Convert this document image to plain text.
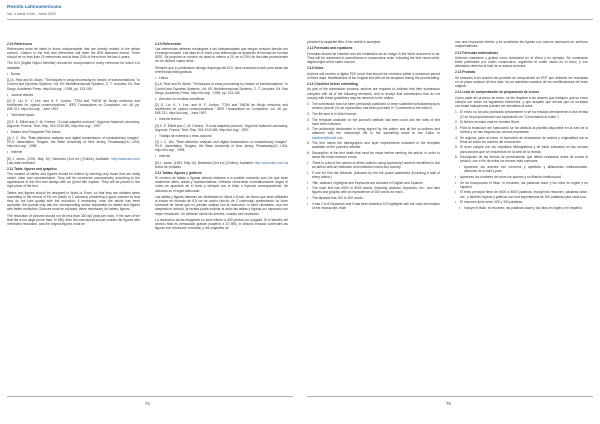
Revista Latinoamericana
Vol. 4 Issue 4 Abr - Junio 2019
2.10 References
References must be listed in those indispensable that are directly related to the article content. Citation in the text and references will meet the APA standard format. There should be no less than 20 references and at least 20% of them from the last 4 years.
The DOI (Digital Object Identifier) should be incorporated in every reference for which it is available.
• Books
[1] A. Rezi and M. Allam, "Techniques in array processing by means of transformations," in Control and Dynamic Systems, Vol. 69, Multidimensional Systems, C. T. Leondes, Ed. San Diego: Academic Press, http://doi.org/ , 1995, pp. 133-180.
• Journal articles
[2] G. Liu, K. Y. Lee, and H. F. Jordan, "TDM and TWDM de Bruijn networks and shufflenets for optical communications," IEEE Transactions on Computers, vol. 46, pp. 695-701, http://doi.org/ , June 1997.
• Technical report
[3] K. E. Elliott and C. M. Greene, "A local adaptive protocol," Argonne National Laboratory, Argonne, France, Tech. Rep. 916-1010-BB, http://doi.org/ , 1997.
• Master And Postgrade PhD thesis
[4] J. C. Wu. "Rate-distortion analysis and digital transmission of nonstationary images". Ph.D. dissertation, Rutgers, the State University of New Jersey, Piscataway,NJ, USA, http://doi.org/ , 1998.
• Internet
[5] J. Jones. (1991, May 10). Networks (2nd ed.) [Online]. Available: http://www.atm.com Last date reviewed.
2.11 Table, figures and graphics
The number of tables and figures should be limited by sending only those that are really useful, clear and representative. They will be numbered consecutively according to the appearance in the text and always with an (i)ned title caption. They will be placed in the right place of the text.
Tables and figures should be designed in Word or Excel, so that they are editable when submitting in the format of 8.5 cm (width of 2 columns) presenting a good contrast so that they do not lose quality with the reduction; if necessary, once the article has been accepted, the journal may ask the corresponding author separately for tables and figures with better resolution. Sources must be included, when necessary, for tables, figures.
The resolution of pictures should not be less than 300 dpi (dots per inch). If the size of the final file is too large (more than 10 MB), then the manuscript should contain the figures with minimized resolution, and the original figures must be
2.10 Referencias
Las referencias deberán restringirse a las indispensables que tengan relación directa con el trabajo enviado. Las citas en el texto y las referencias se ajustarán al formato de normas IEEE. Se propone un mínimo de citas no inferior a 20, en el 20% de las citas provenientes de los últimos cuatro años.
Siempre que lo publicación divulgo disponga del DOI, será necesario incluir para todas las referencias bibliográficas.
• Libros
[1] A. Rezi and M. Allam, "Techniques in array processing by means of transformations," in Control and Dynamic Systems, Vol. 69, Multidimensional Systems, C. T. Leondes, Ed. San Diego: Academic Press, http://doi.org/ , 1995, pp. 133-180.
• Artículos en revistas científicas
[2] G. Liu, K. Y. Lee, and H. F. Jordan, "TDM and TWDM de Bruijn networks and shufflenets for optical communications," IEEE Transactions on Computers, vol. 46, pp. 695-701, http://doi.org/ , June 1997.
• Informe técnico
[3] K. E. Elliott and C. M. Greene, "A local adaptive protocol," Argonne National Laboratory, Argonne, France, Tech. Rep. 916-1010-BB, http://doi.org/ , 1997.
• Trabajo de maestría o tesis doctoral
[4] J. C. Wu. "Rate-distortion analysis and digital transmission of nonstationary images". Ph.D. dissertation, Rutgers, the State University of New Jersey, Piscataway,NJ, USA, http://doi.org/ , 1998.
• Internet
[5] J. Jones. (1991, May 10). Networks (2nd ed.) [Online]. Available: http://www.atm.com La fecha de revisado.
2.11 Tablas, figuras y gráficos
El número de tablas y figuras deberá limitarse a lo posible enviando solo los que sean realmente útiles, claras y representativas. Deberán numerarse correlativamente según el orden de aparición en el texto y siempre con el título o leyenda correspondiente. Se ubicarán en el lugar adecuado.
Las tablas y figuras deberán ser diseñadas en Word o Excel, de forma que sean editables al enviar en formato de 8,5 cm de ancho (ancho de 2 columnas) presentando un buen contraste de forma que no pierdan calidad con la reducción; si fuera necesario, una vez aceptado el artículo, la revista podrá solicitar al autor las tablas y figuras por separado con mejor resolución. Se deberán incluir las fuentes, cuando sea necesario.
La resolución de las imágenes no será inferior a 300 puntos por pulgada. Si el tamaño del archivo final es demasiado grande (superior a 10 MB), el artículo enviado contendrá las figuras con resolución reducida, y los originales se
provided to separate files, if the article is accepted.
2.12 Formulas and equations
Formulas should be inserted and set embedded as an image in the Word document or all. They will be numbered in parentheses in consecutive order, following the text visual order, aligned right at the same column.
2.13 Notes
Authors will receive a digital PDF proof that should be reviewed within a maximum period of three days. Modifications of the original text will not be accepted during the proofreading.
2.14 Checklist before submitting
As part of the submission process, authors are required to indicate that their submission complies with all of the following elements, and to accept that submissions that do not comply with these guidelines may be returned to the author.
1. The submission has not been previously published or been submitted simultaneously to another journal (Or an explanation has been provided in "Comments to the editor").
2. The file sent is in Word format.
3. The template available on the journal's website has been used and the rules of text have been followed.
4. The authorship declaration is being signed by the author and all the co-authors and attached with the manuscript file in the submitting email to the Editor to bambam@email.com
5. The text meets the bibliographic and style requirements indicated in the template available on the journal's website.
6. Description of the text deals that must be made before sending the article, in order to avoid the most common errors.
• There is a list of the names of all the authors using superscript numeric identifiers to link an author with an institution and institution name and country.
• If one for find the behavior (followed by the full postal addresses (including e-mail of every author).
• Title, abstract, highlights and Keywords are included in English and Spanish.
• The main text has 6000 to 8000 words, including abstract, keywords, etc., and also figures and graphic with an equivalence of 300 words for each.
• The abstract has 200 to 300 words.
• It has 4 to 6 Keywords and it has been selected 3-5 highlights with the main information of the manuscript, each
uno una resolución inferior y se suministra los figuras con nuevos resolución en archivos independientes.
2.12 Fórmulas matemáticas
Deberán insertarse y grabar como ilustración en el Word y en ejemplo. Se numerarán entre paréntesis por orden consecutivo, siguiendo el orden visual en el texto, y con alineación derecha al final de la misma columna.
2.13 Pruebas
Se enviarán a los autores las pruebas de composición en PDF que deberán ser revisadas en un plazo máximo de tres días. No se admitirán cambios de las modificaciones del texto original.
2.14 Lista de comprobación de preparación de envíos
Como parte del proceso de envío, se les requiere a los autores que indiquen que su envío cumpla con todos los siguientes elementos, y que acepten que envíos que no cumplan con estas indicaciones pueden ser devueltos al autor.
1. El envío no ha sido publicado previamente ni se ha enviado previamente a otra revista (O se ha proporcionado una explicación en "Comentarios al editor").
2. El fichero enviado está en formato Word.
3. Para la redacción del manuscrito se ha utilizado la plantilla disponible en la web de la revista y se han seguido las normas expuestas.
4. Se adjunta, junto al envío, el formulario de declaración de autoría y originalidad con la firma de todos los autores del documento.
5. El texto cumple con los requisitos bibliográficos y de estilo indicados en las normas para autores que se encuentran en la web de la revista.
6. Descripción de las formas de presentación que deben realizarse antes de enviar el artículo, con el fin de evitar los errores más comunes:
• Aparecen los autores con números y apellidos y afiliaciones institucionales, dirección de e-mail y país.
• Aparecen los nombres de todos los autores y su filiación institucional.
• Se ha incorporado el título, el resumen, las palabras clave y los hitos en inglés y en español.
• El texto principal tiene de 6000 a 8000 palabras, incluyendo resumen, palabras clave, etc., y también figuras y gráficos con una equivalencia de 300 palabras para cada una.
• El resumen tiene entre 200 y 300 palabras.
• Incluye el título, el resumen, las palabras clave y los hitos en inglés y en español.
74	75
